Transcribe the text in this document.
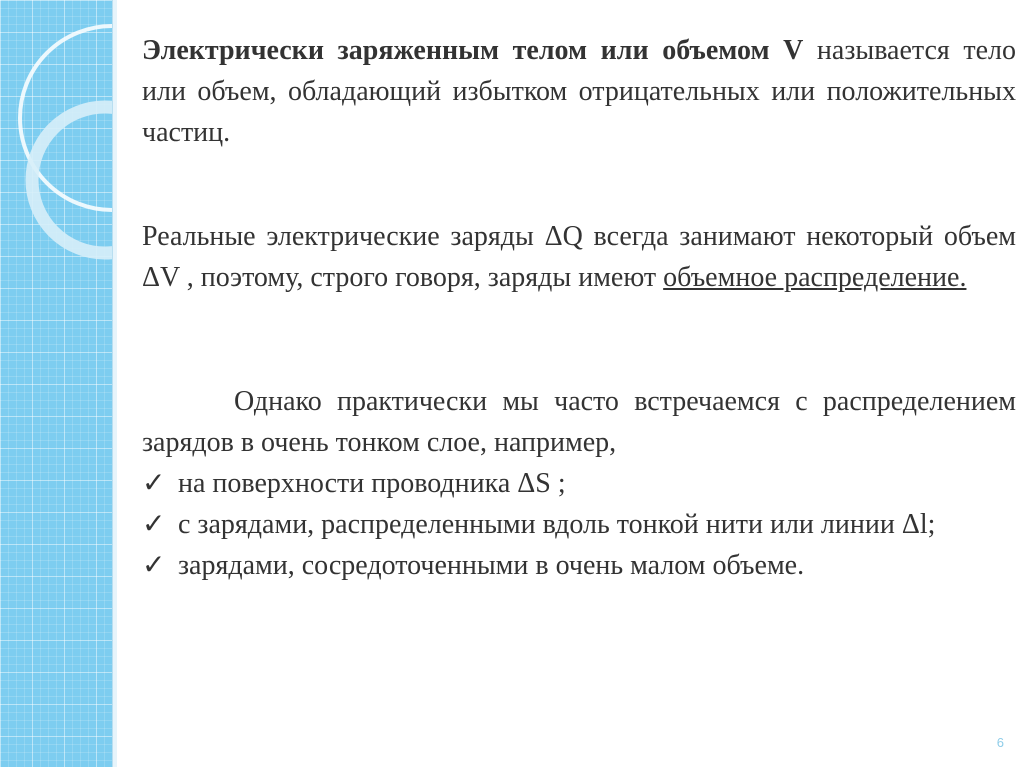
Электрически заряженным телом или объемом V называется тело или объем, обладающий избытком отрицательных или положительных частиц.

Реальные электрические заряды ΔQ всегда занимают некоторый объем ΔV , поэтому, строго говоря, заряды имеют объемное распределение.

Однако практически мы часто встречаемся с распределением зарядов в очень тонком слое, например,

✓ на поверхности проводника ΔS ;
✓ с зарядами, распределенными вдоль тонкой нити или линии Δl;
✓ зарядами, сосредоточенными в очень малом объеме.
6
